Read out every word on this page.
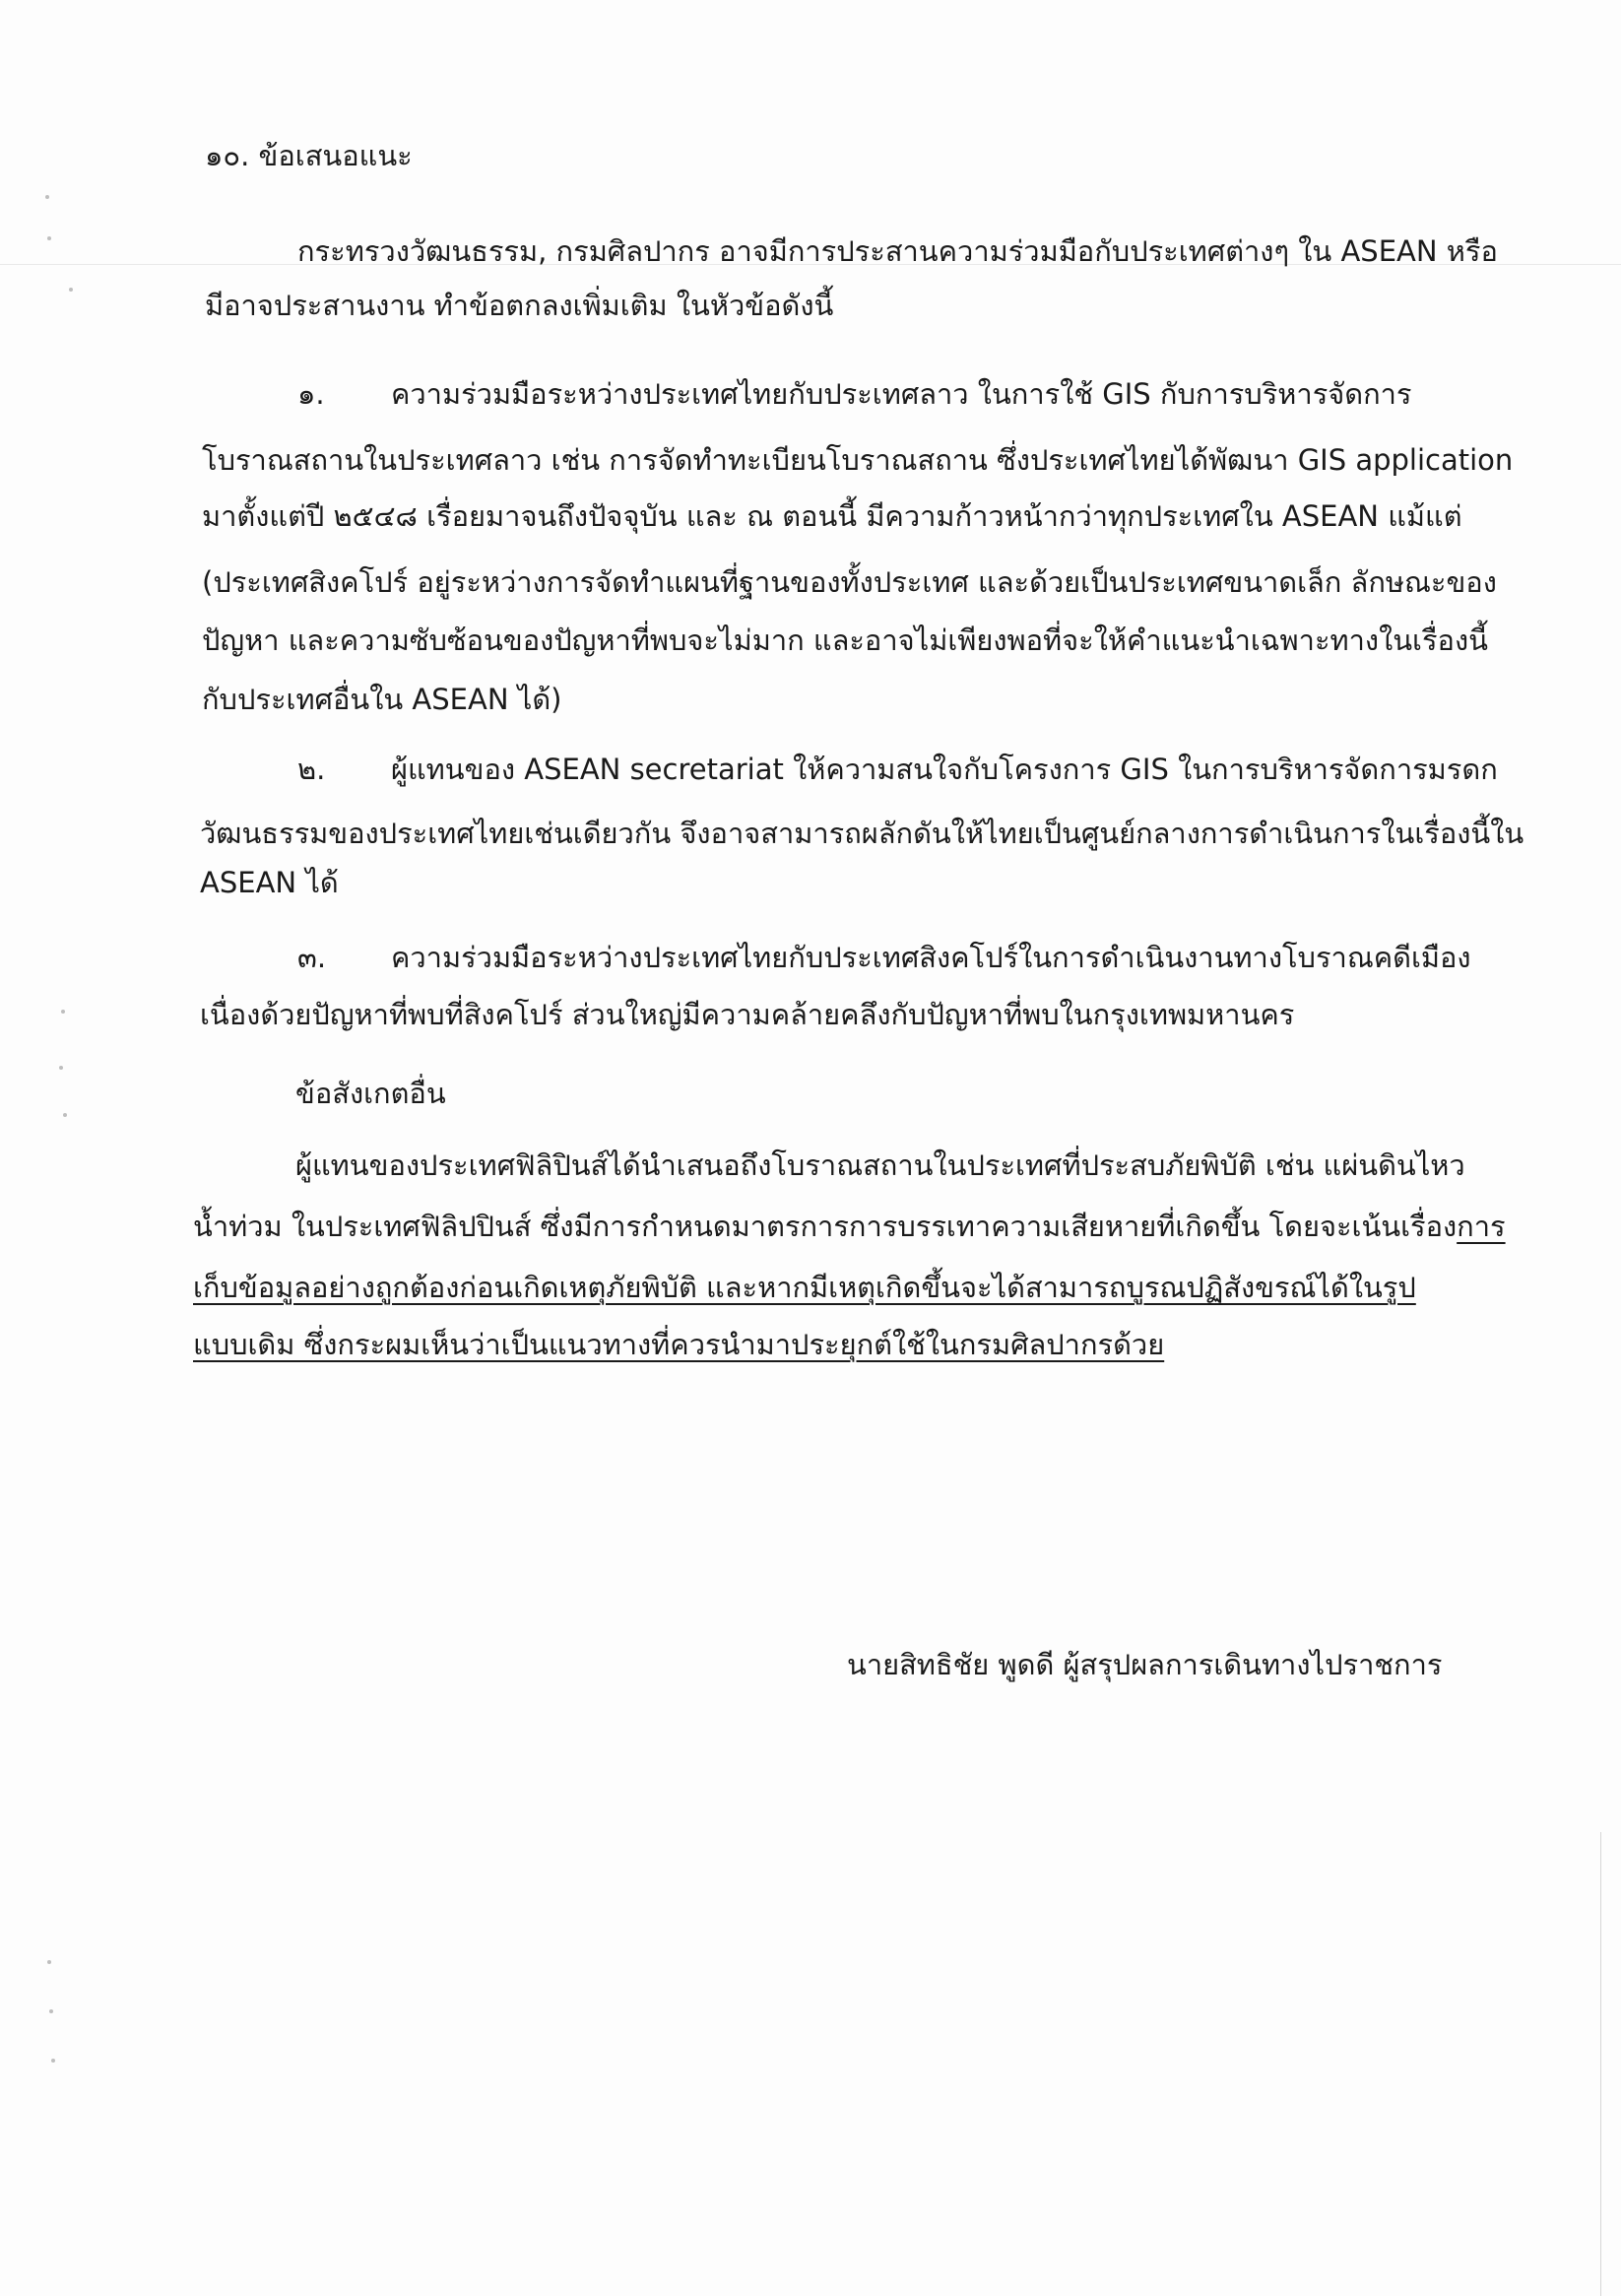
๑๐. ข้อเสนอแนะ
กระทรวงวัฒนธรรม, กรมศิลปากร อาจมีการประสานความร่วมมือกับประเทศต่างๆ ใน ASEAN หรือ
มีอาจประสานงาน ทำข้อตกลงเพิ่มเติม ในหัวข้อดังนี้
๑. ความร่วมมือระหว่างประเทศไทยกับประเทศลาว ในการใช้ GIS กับการบริหารจัดการ
โบราณสถานในประเทศลาว เช่น การจัดทำทะเบียนโบราณสถาน ซึ่งประเทศไทยได้พัฒนา GIS application
มาตั้งแต่ปี ๒๕๔๘ เรื่อยมาจนถึงปัจจุบัน และ ณ ตอนนี้ มีความก้าวหน้ากว่าทุกประเทศใน ASEAN แม้แต่
(ประเทศสิงคโปร์ อยู่ระหว่างการจัดทำแผนที่ฐานของทั้งประเทศ และด้วยเป็นประเทศขนาดเล็ก ลักษณะของ
ปัญหา และความซับซ้อนของปัญหาที่พบจะไม่มาก และอาจไม่เพียงพอที่จะให้คำแนะนำเฉพาะทางในเรื่องนี้
กับประเทศอื่นใน ASEAN ได้)
๒. ผู้แทนของ ASEAN secretariat ให้ความสนใจกับโครงการ GIS ในการบริหารจัดการมรดก
วัฒนธรรมของประเทศไทยเช่นเดียวกัน จึงอาจสามารถผลักดันให้ไทยเป็นศูนย์กลางการดำเนินการในเรื่องนี้ใน
ASEAN ได้
๓. ความร่วมมือระหว่างประเทศไทยกับประเทศสิงคโปร์ในการดำเนินงานทางโบราณคดีเมือง
เนื่องด้วยปัญหาที่พบที่สิงคโปร์ ส่วนใหญ่มีความคล้ายคลึงกับปัญหาที่พบในกรุงเทพมหานคร
ข้อสังเกตอื่น
ผู้แทนของประเทศฟิลิปินส์ได้นำเสนอถึงโบราณสถานในประเทศที่ประสบภัยพิบัติ เช่น แผ่นดินไหว
น้ำท่วม ในประเทศฟิลิปปินส์ ซึ่งมีการกำหนดมาตรการการบรรเทาความเสียหายที่เกิดขึ้น โดยจะเน้นเรื่องการ
เก็บข้อมูลอย่างถูกต้องก่อนเกิดเหตุภัยพิบัติ และหากมีเหตุเกิดขึ้นจะได้สามารถบูรณปฏิสังขรณ์ได้ในรูป
แบบเดิม ซึ่งกระผมเห็นว่าเป็นแนวทางที่ควรนำมาประยุกต์ใช้ในกรมศิลปากรด้วย
นายสิทธิชัย พูดดี ผู้สรุปผลการเดินทางไปราชการ
